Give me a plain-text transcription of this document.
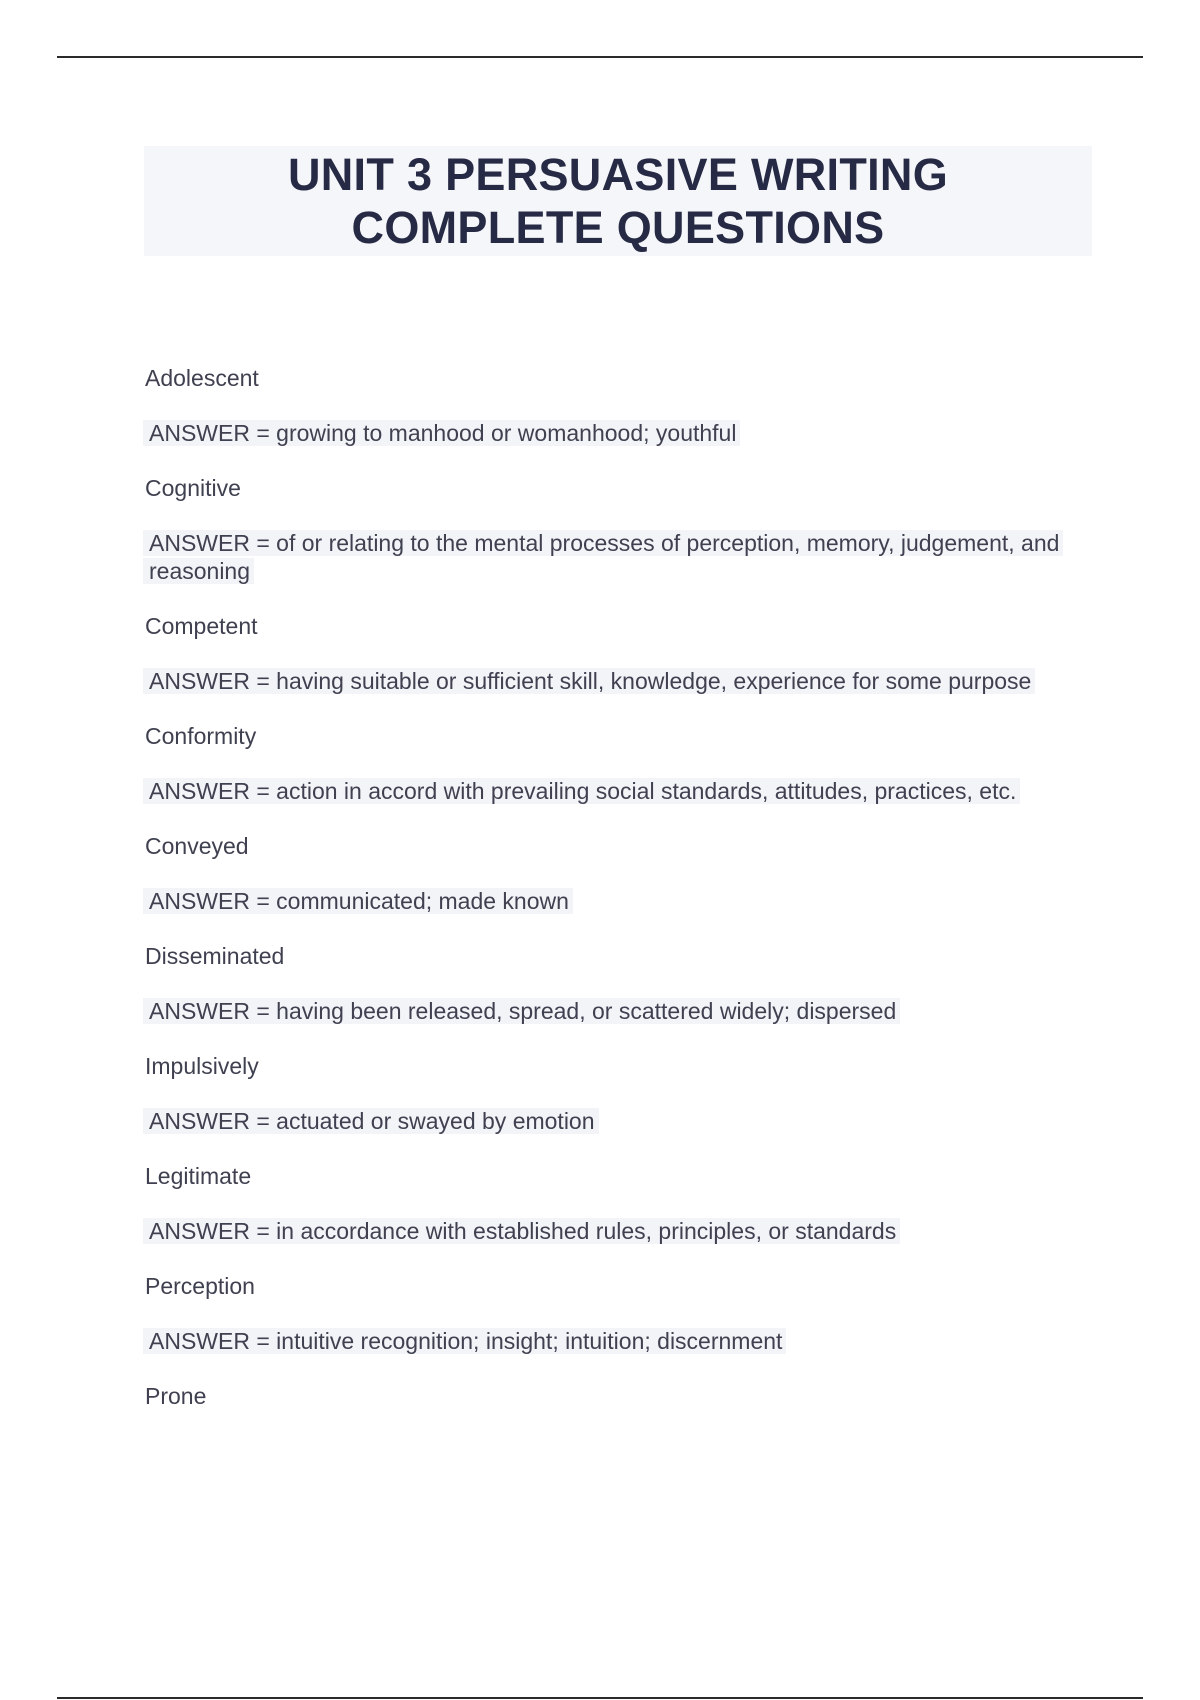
UNIT 3 PERSUASIVE WRITING
COMPLETE QUESTIONS

Adolescent

ANSWER = growing to manhood or womanhood; youthful

Cognitive

ANSWER = of or relating to the mental processes of perception, memory, judgement, and reasoning

Competent

ANSWER = having suitable or sufficient skill, knowledge, experience for some purpose

Conformity

ANSWER = action in accord with prevailing social standards, attitudes, practices, etc.

Conveyed

ANSWER = communicated; made known

Disseminated

ANSWER = having been released, spread, or scattered widely; dispersed

Impulsively

ANSWER = actuated or swayed by emotion

Legitimate

ANSWER = in accordance with established rules, principles, or standards

Perception

ANSWER = intuitive recognition; insight; intuition; discernment

Prone
